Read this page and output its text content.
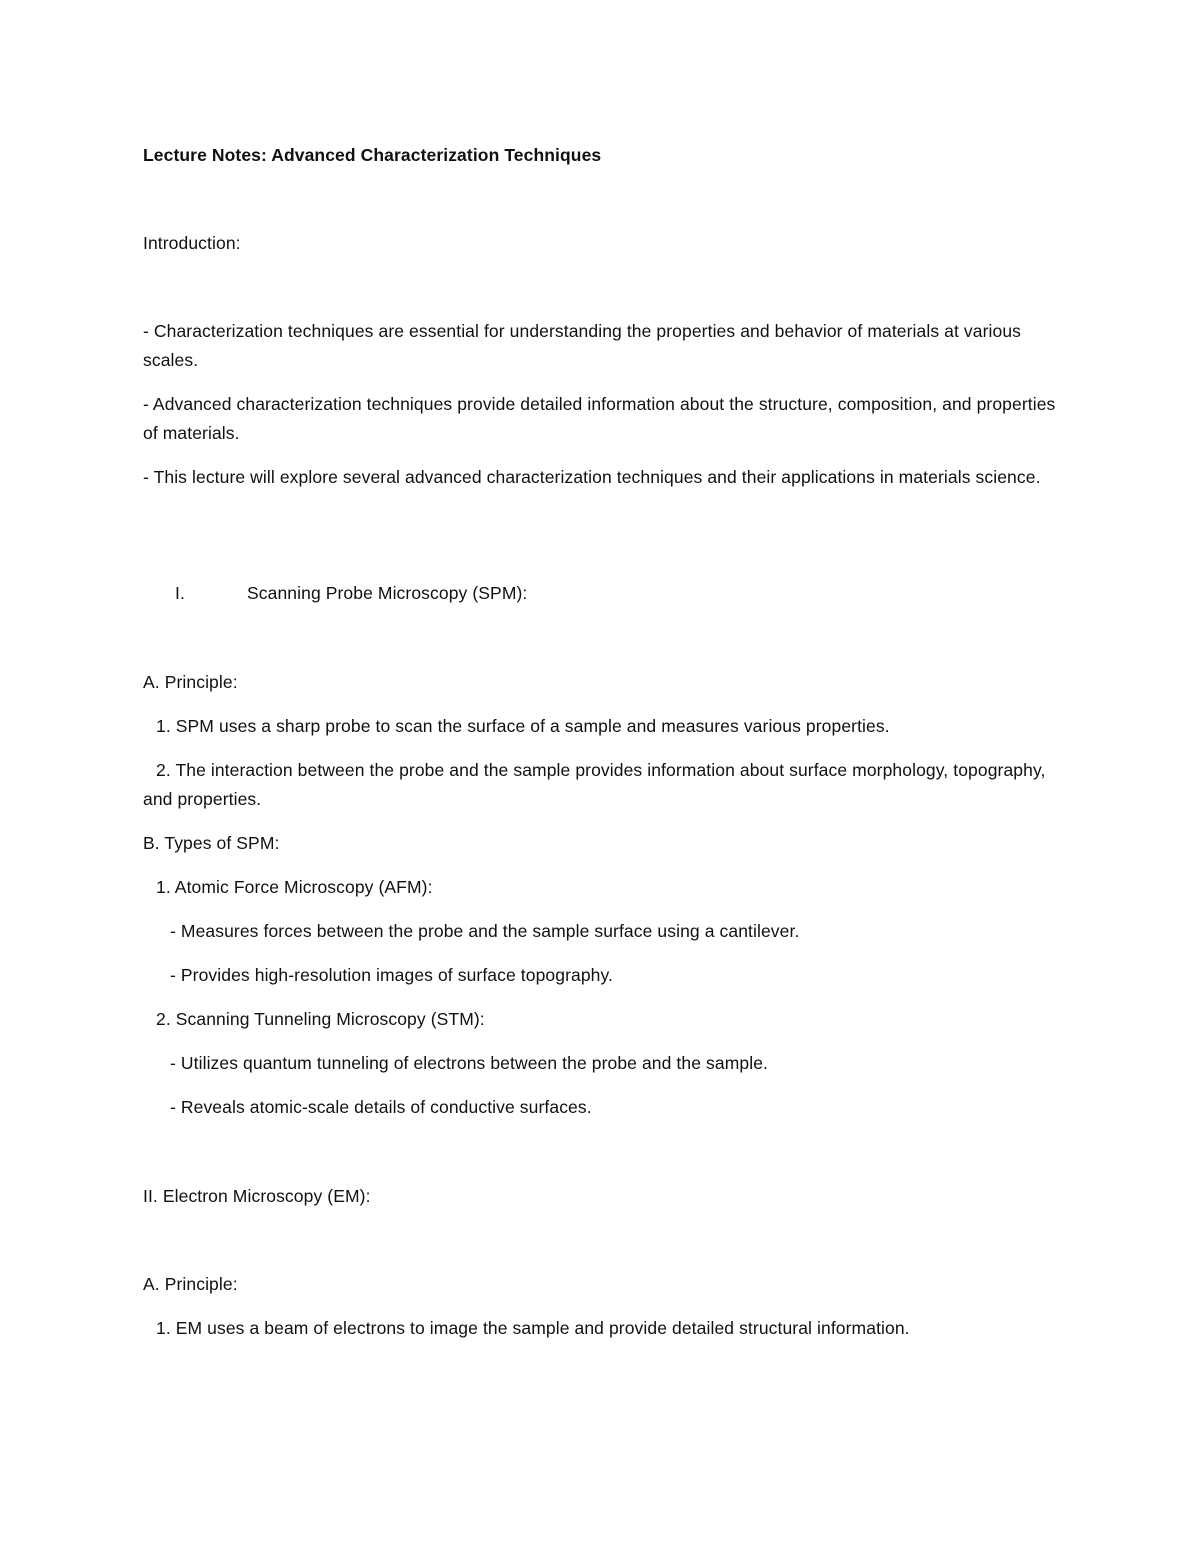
Lecture Notes: Advanced Characterization Techniques
Introduction:
- Characterization techniques are essential for understanding the properties and behavior of materials at various scales.
- Advanced characterization techniques provide detailed information about the structure, composition, and properties of materials.
- This lecture will explore several advanced characterization techniques and their applications in materials science.
I.	Scanning Probe Microscopy (SPM):
A. Principle:
1. SPM uses a sharp probe to scan the surface of a sample and measures various properties.
2. The interaction between the probe and the sample provides information about surface morphology, topography, and properties.
B. Types of SPM:
1. Atomic Force Microscopy (AFM):
- Measures forces between the probe and the sample surface using a cantilever.
- Provides high-resolution images of surface topography.
2. Scanning Tunneling Microscopy (STM):
- Utilizes quantum tunneling of electrons between the probe and the sample.
- Reveals atomic-scale details of conductive surfaces.
II. Electron Microscopy (EM):
A. Principle:
1. EM uses a beam of electrons to image the sample and provide detailed structural information.
